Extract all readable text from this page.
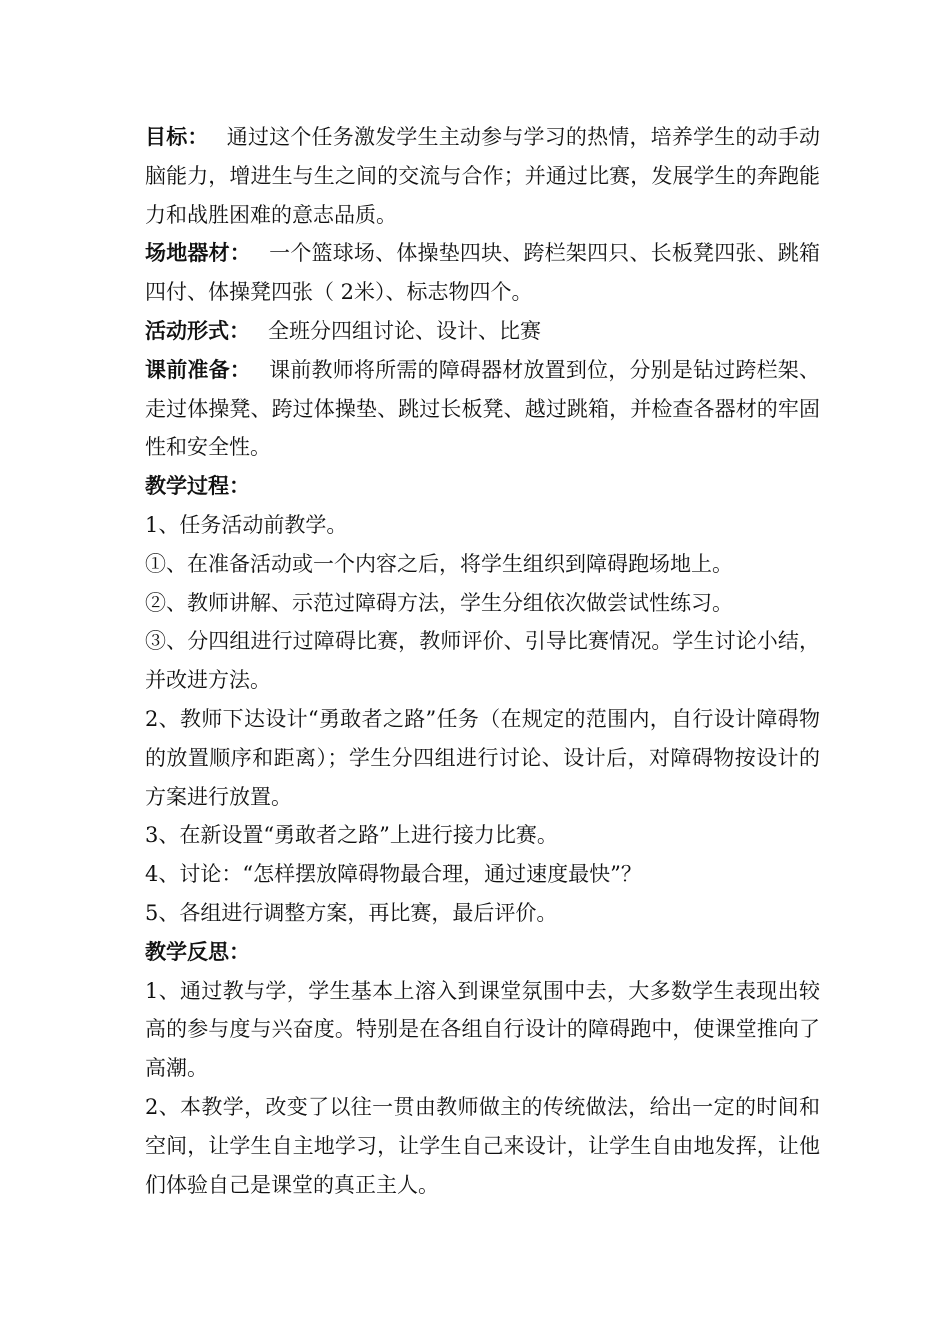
目标： 通过这个任务激发学生主动参与学习的热情，培养学生的动手动脑能力，增进生与生之间的交流与合作；并通过比赛，发展学生的奔跑能力和战胜困难的意志品质。

场地器材： 一个篮球场、体操垫四块、跨栏架四只、长板凳四张、跳箱四付、体操凳四张（ 2米）、标志物四个。

活动形式： 全班分四组讨论、设计、比赛

课前准备： 课前教师将所需的障碍器材放置到位，分别是钻过跨栏架、走过体操凳、跨过体操垫、跳过长板凳、越过跳箱，并检查各器材的牢固性和安全性。

教学过程：

1、任务活动前教学。

①、在准备活动或一个内容之后，将学生组织到障碍跑场地上。

②、教师讲解、示范过障碍方法，学生分组依次做尝试性练习。

③、分四组进行过障碍比赛，教师评价、引导比赛情况。学生讨论小结，并改进方法。

2、教师下达设计“勇敢者之路”任务（在规定的范围内，自行设计障碍物的放置顺序和距离）；学生分四组进行讨论、设计后，对障碍物按设计的方案进行放置。

3、在新设置“勇敢者之路”上进行接力比赛。

4、讨论：“怎样摆放障碍物最合理，通过速度最快”？

5、各组进行调整方案，再比赛，最后评价。

教学反思：

1、通过教与学，学生基本上溶入到课堂氛围中去，大多数学生表现出较高的参与度与兴奋度。特别是在各组自行设计的障碍跑中，使课堂推向了高潮。

2、本教学，改变了以往一贯由教师做主的传统做法，给出一定的时间和空间，让学生自主地学习，让学生自己来设计，让学生自由地发挥，让他们体验自己是课堂的真正主人。
